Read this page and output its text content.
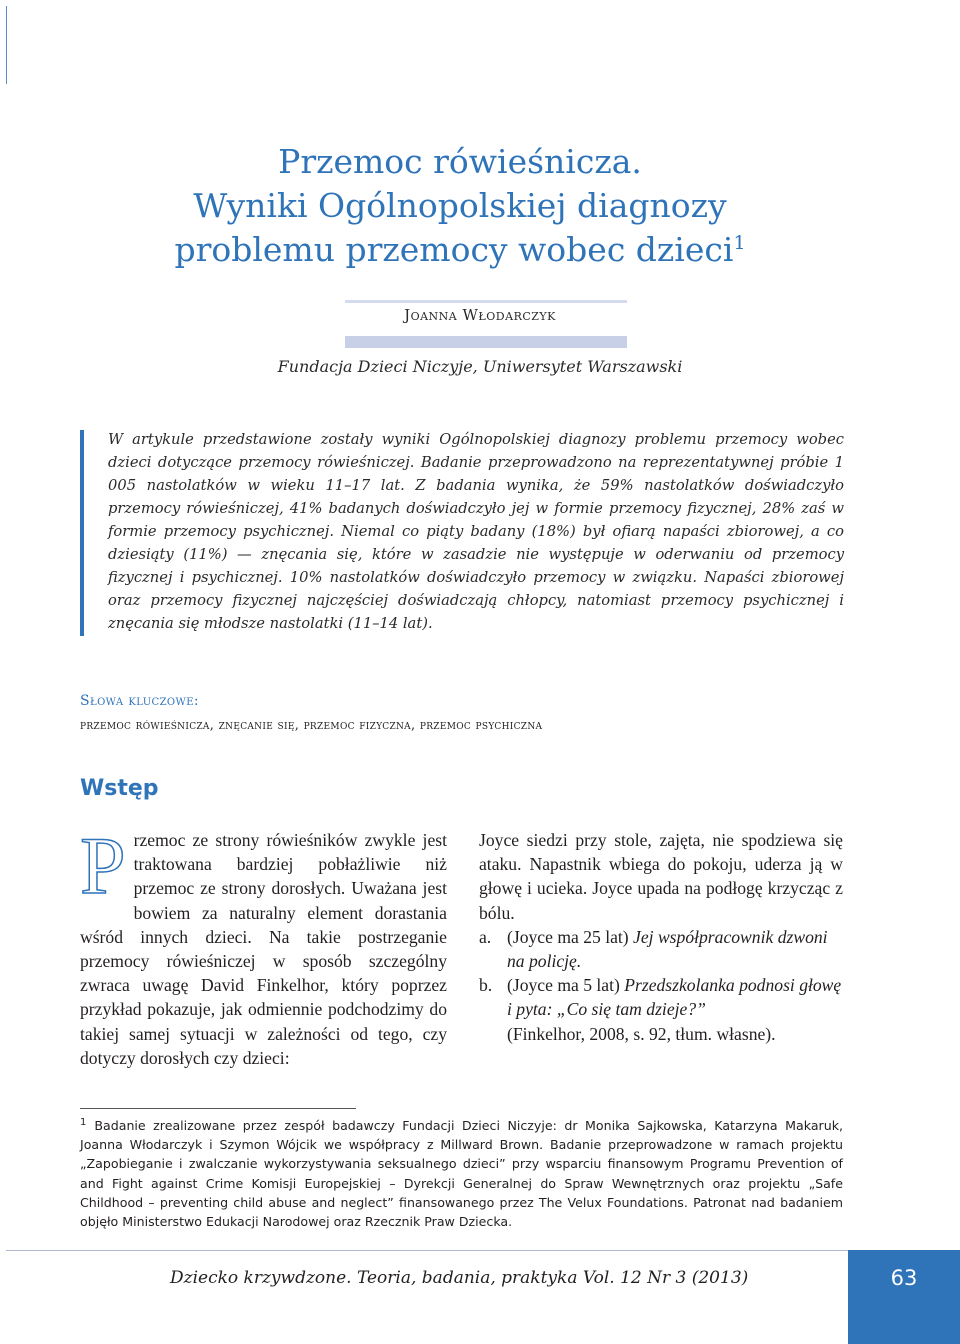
Przemoc rówieśnicza.
Wyniki Ogólnopolskiej diagnozy
problemu przemocy wobec dzieci$^1$
Joanna Włodarczyk
Fundacja Dzieci Niczyje, Uniwersytet Warszawski

W artykule przedstawione zostały wyniki Ogólnopolskiej diagnozy problemu przemocy wobec dzieci dotyczące przemocy rówieśniczej. Badanie przeprowadzono na reprezentatywnej próbie 1 005 nastolatków w wieku 11–17 lat. Z badania wynika, że 59% nastolatków doświadczyło przemocy rówieśniczej, 41% badanych doświadczyło jej w formie przemocy fizycznej, 28% zaś w formie przemocy psychicznej. Niemal co piąty badany (18%) był ofiarą napaści zbiorowej, a co dziesiąty (11%) — znęcania się, które w zasadzie nie występuje w oderwaniu od przemocy fizycznej i psychicznej. 10% nastolatków doświadczyło przemocy w związku. Napaści zbiorowej oraz przemocy fizycznej najczęściej doświadczają chłopcy, natomiast przemocy psychicznej i znęcania się młodsze nastolatki (11–14 lat).

Słowa kluczowe:
przemoc rówieśnicza, znęcanie się, przemoc fizyczna, przemoc psychiczna
Wstęp

Przemoc ze strony rówieśników zwykle jest traktowana bardziej pobłażliwie niż przemoc ze strony dorosłych. Uważana jest bowiem za naturalny element dorastania wśród innych dzieci. Na takie postrzeganie przemocy rówieśniczej w sposób szczególny zwraca uwagę David Finkelhor, który poprzez przykład pokazuje, jak odmiennie podchodzimy do takiej samej sytuacji w zależności od tego, czy dotyczy dorosłych czy dzieci:

Joyce siedzi przy stole, zajęta, nie spodziewa się ataku. Napastnik wbiega do pokoju, uderza ją w głowę i ucieka. Joyce upada na podłogę krzycząc z bólu.

a. (Joyce ma 25 lat) Jej współpracownik dzwoni na policję.
b. (Joyce ma 5 lat) Przedszkolanka podnosi głowę i pyta: „Co się tam dzieje?”
(Finkelhor, 2008, s. 92, tłum. własne).

$^1$ Badanie zrealizowane przez zespół badawczy Fundacji Dzieci Niczyje: dr Monika Sajkowska, Katarzyna Makaruk, Joanna Włodarczyk i Szymon Wójcik we współpracy z Millward Brown. Badanie przeprowadzone w ramach projektu „Zapobieganie i zwalczanie wykorzystywania seksualnego dzieci” przy wsparciu finansowym Programu Prevention of and Fight against Crime Komisji Europejskiej – Dyrekcji Generalnej do Spraw Wewnętrznych oraz projektu „Safe Childhood – preventing child abuse and neglect” finansowanego przez The Velux Foundations. Patronat nad badaniem objęło Ministerstwo Edukacji Narodowej oraz Rzecznik Praw Dziecka.

Dziecko krzywdzone. Teoria, badania, praktyka Vol. 12 Nr 3 (2013)	63
